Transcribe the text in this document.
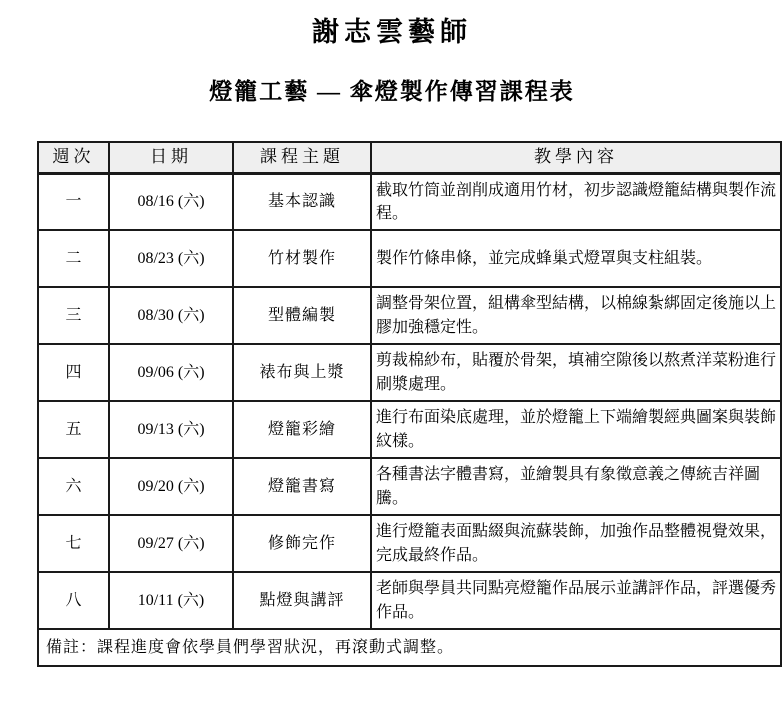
謝志雲藝師
燈籠工藝 — 傘燈製作傳習課程表
週次	日期	課程主題	教學內容
一	08/16 (六)	基本認識	截取竹筒並剖削成適用竹材，初步認識燈籠結構與製作流程。
二	08/23 (六)	竹材製作	製作竹條串條，並完成蜂巢式燈罩與支柱組裝。
三	08/30 (六)	型體編製	調整骨架位置，組構傘型結構，以棉線紮綁固定後施以上膠加強穩定性。
四	09/06 (六)	裱布與上漿	剪裁棉紗布，貼覆於骨架，填補空隙後以熬煮洋菜粉進行刷漿處理。
五	09/13 (六)	燈籠彩繪	進行布面染底處理，並於燈籠上下端繪製經典圖案與裝飾紋樣。
六	09/20 (六)	燈籠書寫	各種書法字體書寫，並繪製具有象徵意義之傳統吉祥圖騰。
七	09/27 (六)	修飾完作	進行燈籠表面點綴與流蘇裝飾，加強作品整體視覺效果，完成最終作品。
八	10/11 (六)	點燈與講評	老師與學員共同點亮燈籠作品展示並講評作品，評選優秀作品。
備註：課程進度會依學員們學習狀況，再滾動式調整。			
